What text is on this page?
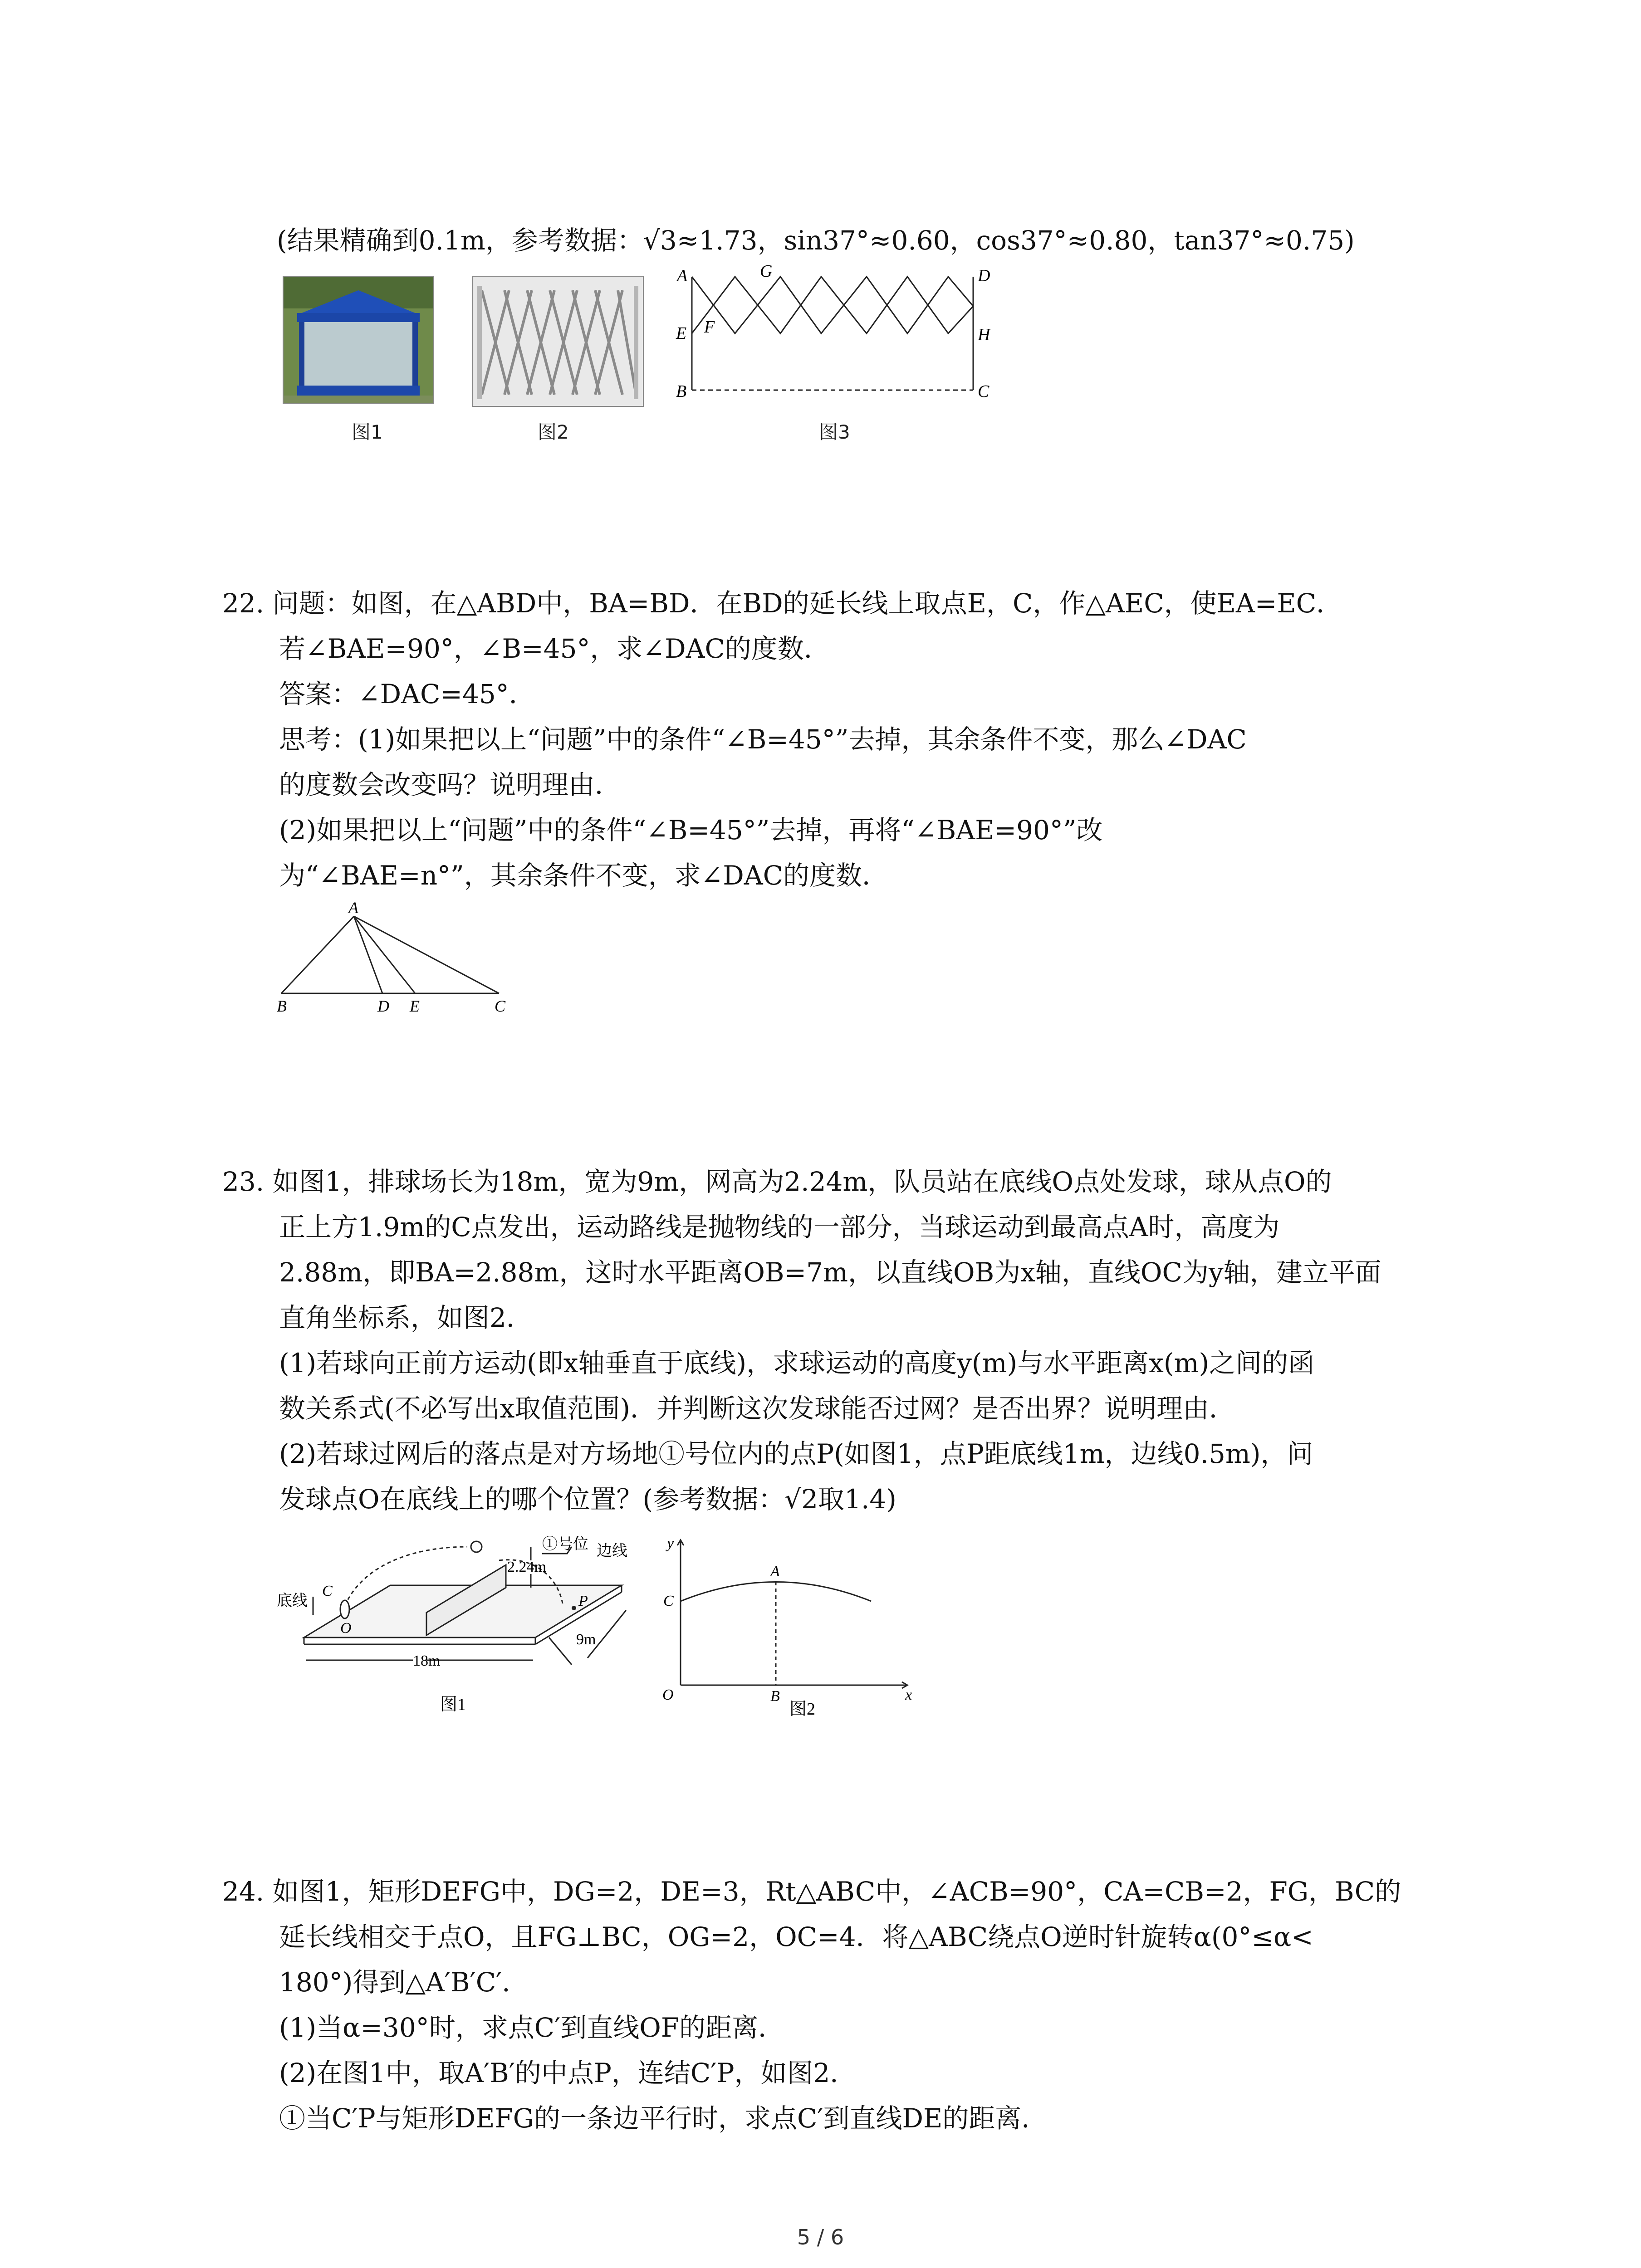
(结果精确到0.1m，参考数据：√3≈1.73，sin37°≈0.60，cos37°≈0.80，tan37°≈0.75)
图1	图2
A	G	D
E F	H
B	C
图3
22. 问题：如图，在△ABD中，BA=BD．在BD的延长线上取点E，C，作△AEC，使EA=EC．
若∠BAE=90°，∠B=45°，求∠DAC的度数．
答案：∠DAC=45°．
思考：(1)如果把以上“问题”中的条件“∠B=45°”去掉，其余条件不变，那么∠DAC
的度数会改变吗？说明理由．
(2)如果把以上“问题”中的条件“∠B=45°”去掉，再将“∠BAE=90°”改
为“∠BAE=n°”，其余条件不变，求∠DAC的度数．
A
B	D E	C
23. 如图1，排球场长为18m，宽为9m，网高为2.24m，队员站在底线O点处发球，球从点O的
正上方1.9m的C点发出，运动路线是抛物线的一部分，当球运动到最高点A时，高度为
2.88m，即BA=2.88m，这时水平距离OB=7m，以直线OB为x轴，直线OC为y轴，建立平面
直角坐标系，如图2．
(1)若球向正前方运动(即x轴垂直于底线)，求球运动的高度y(m)与水平距离x(m)之间的函
数关系式(不必写出x取值范围)．并判断这次发球能否过网？是否出界？说明理由．
(2)若球过网后的落点是对方场地①号位内的点P(如图1，点P距底线1m，边线0.5m)，问
发球点O在底线上的哪个位置？(参考数据：√2取1.4)
底线
C
O
2.24m
①号位 边线
P
18m
9m
图1
y
x
O
C
A
B
图2
24. 如图1，矩形DEFG中，DG=2，DE=3，Rt△ABC中，∠ACB=90°，CA=CB=2，FG，BC的
延长线相交于点O，且FG⊥BC，OG=2，OC=4．将△ABC绕点O逆时针旋转α(0°≤α<
180°)得到△A′B′C′．
(1)当α=30°时，求点C′到直线OF的距离．
(2)在图1中，取A′B′的中点P，连结C′P，如图2．
①当C′P与矩形DEFG的一条边平行时，求点C′到直线DE的距离．
5 / 6
